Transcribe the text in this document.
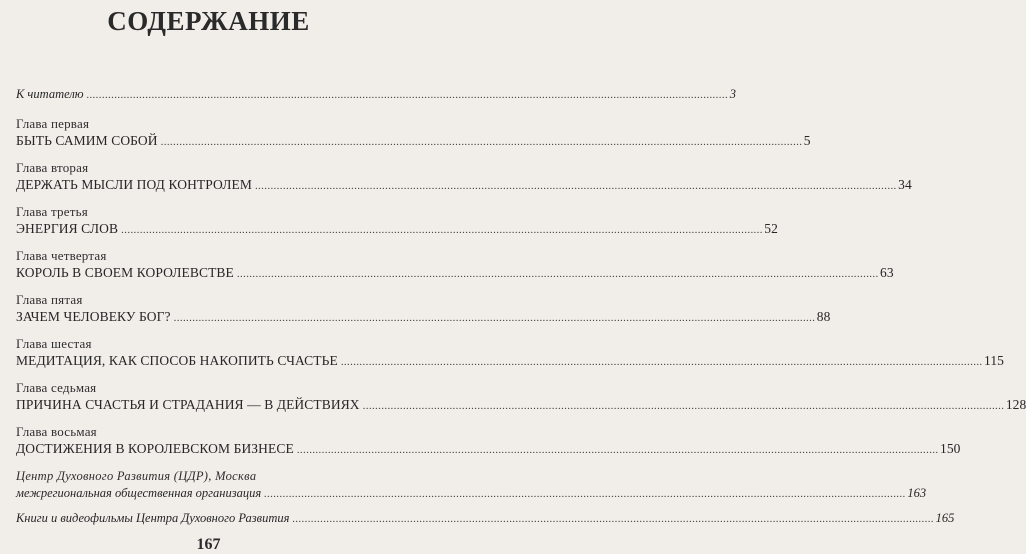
СОДЕРЖАНИЕ
К читателю . . .	3
Глава первая
БЫТЬ САМИМ СОБОЙ . . .	5
Глава вторая
ДЕРЖАТЬ МЫСЛИ ПОД КОНТРОЛЕМ . . .	34
Глава третья
ЭНЕРГИЯ СЛОВ . . .	52
Глава четвертая
КОРОЛЬ В СВОЕМ КОРОЛЕВСТВЕ . . .	63
Глава пятая
ЗАЧЕМ ЧЕЛОВЕКУ БОГ? . . .	88
Глава шестая
МЕДИТАЦИЯ, КАК СПОСОБ НАКОПИТЬ СЧАСТЬЕ . . .	115
Глава седьмая
ПРИЧИНА СЧАСТЬЯ И СТРАДАНИЯ — В ДЕЙСТВИЯХ . . .	128
Глава восьмая
ДОСТИЖЕНИЯ В КОРОЛЕВСКОМ БИЗНЕСЕ . . .	150
Центр Духовного Развития (ЦДР), Москва
межрегиональная общественная организация . . .	163
Книги и видеофильмы Центра Духовного Развития . . .	165
167
